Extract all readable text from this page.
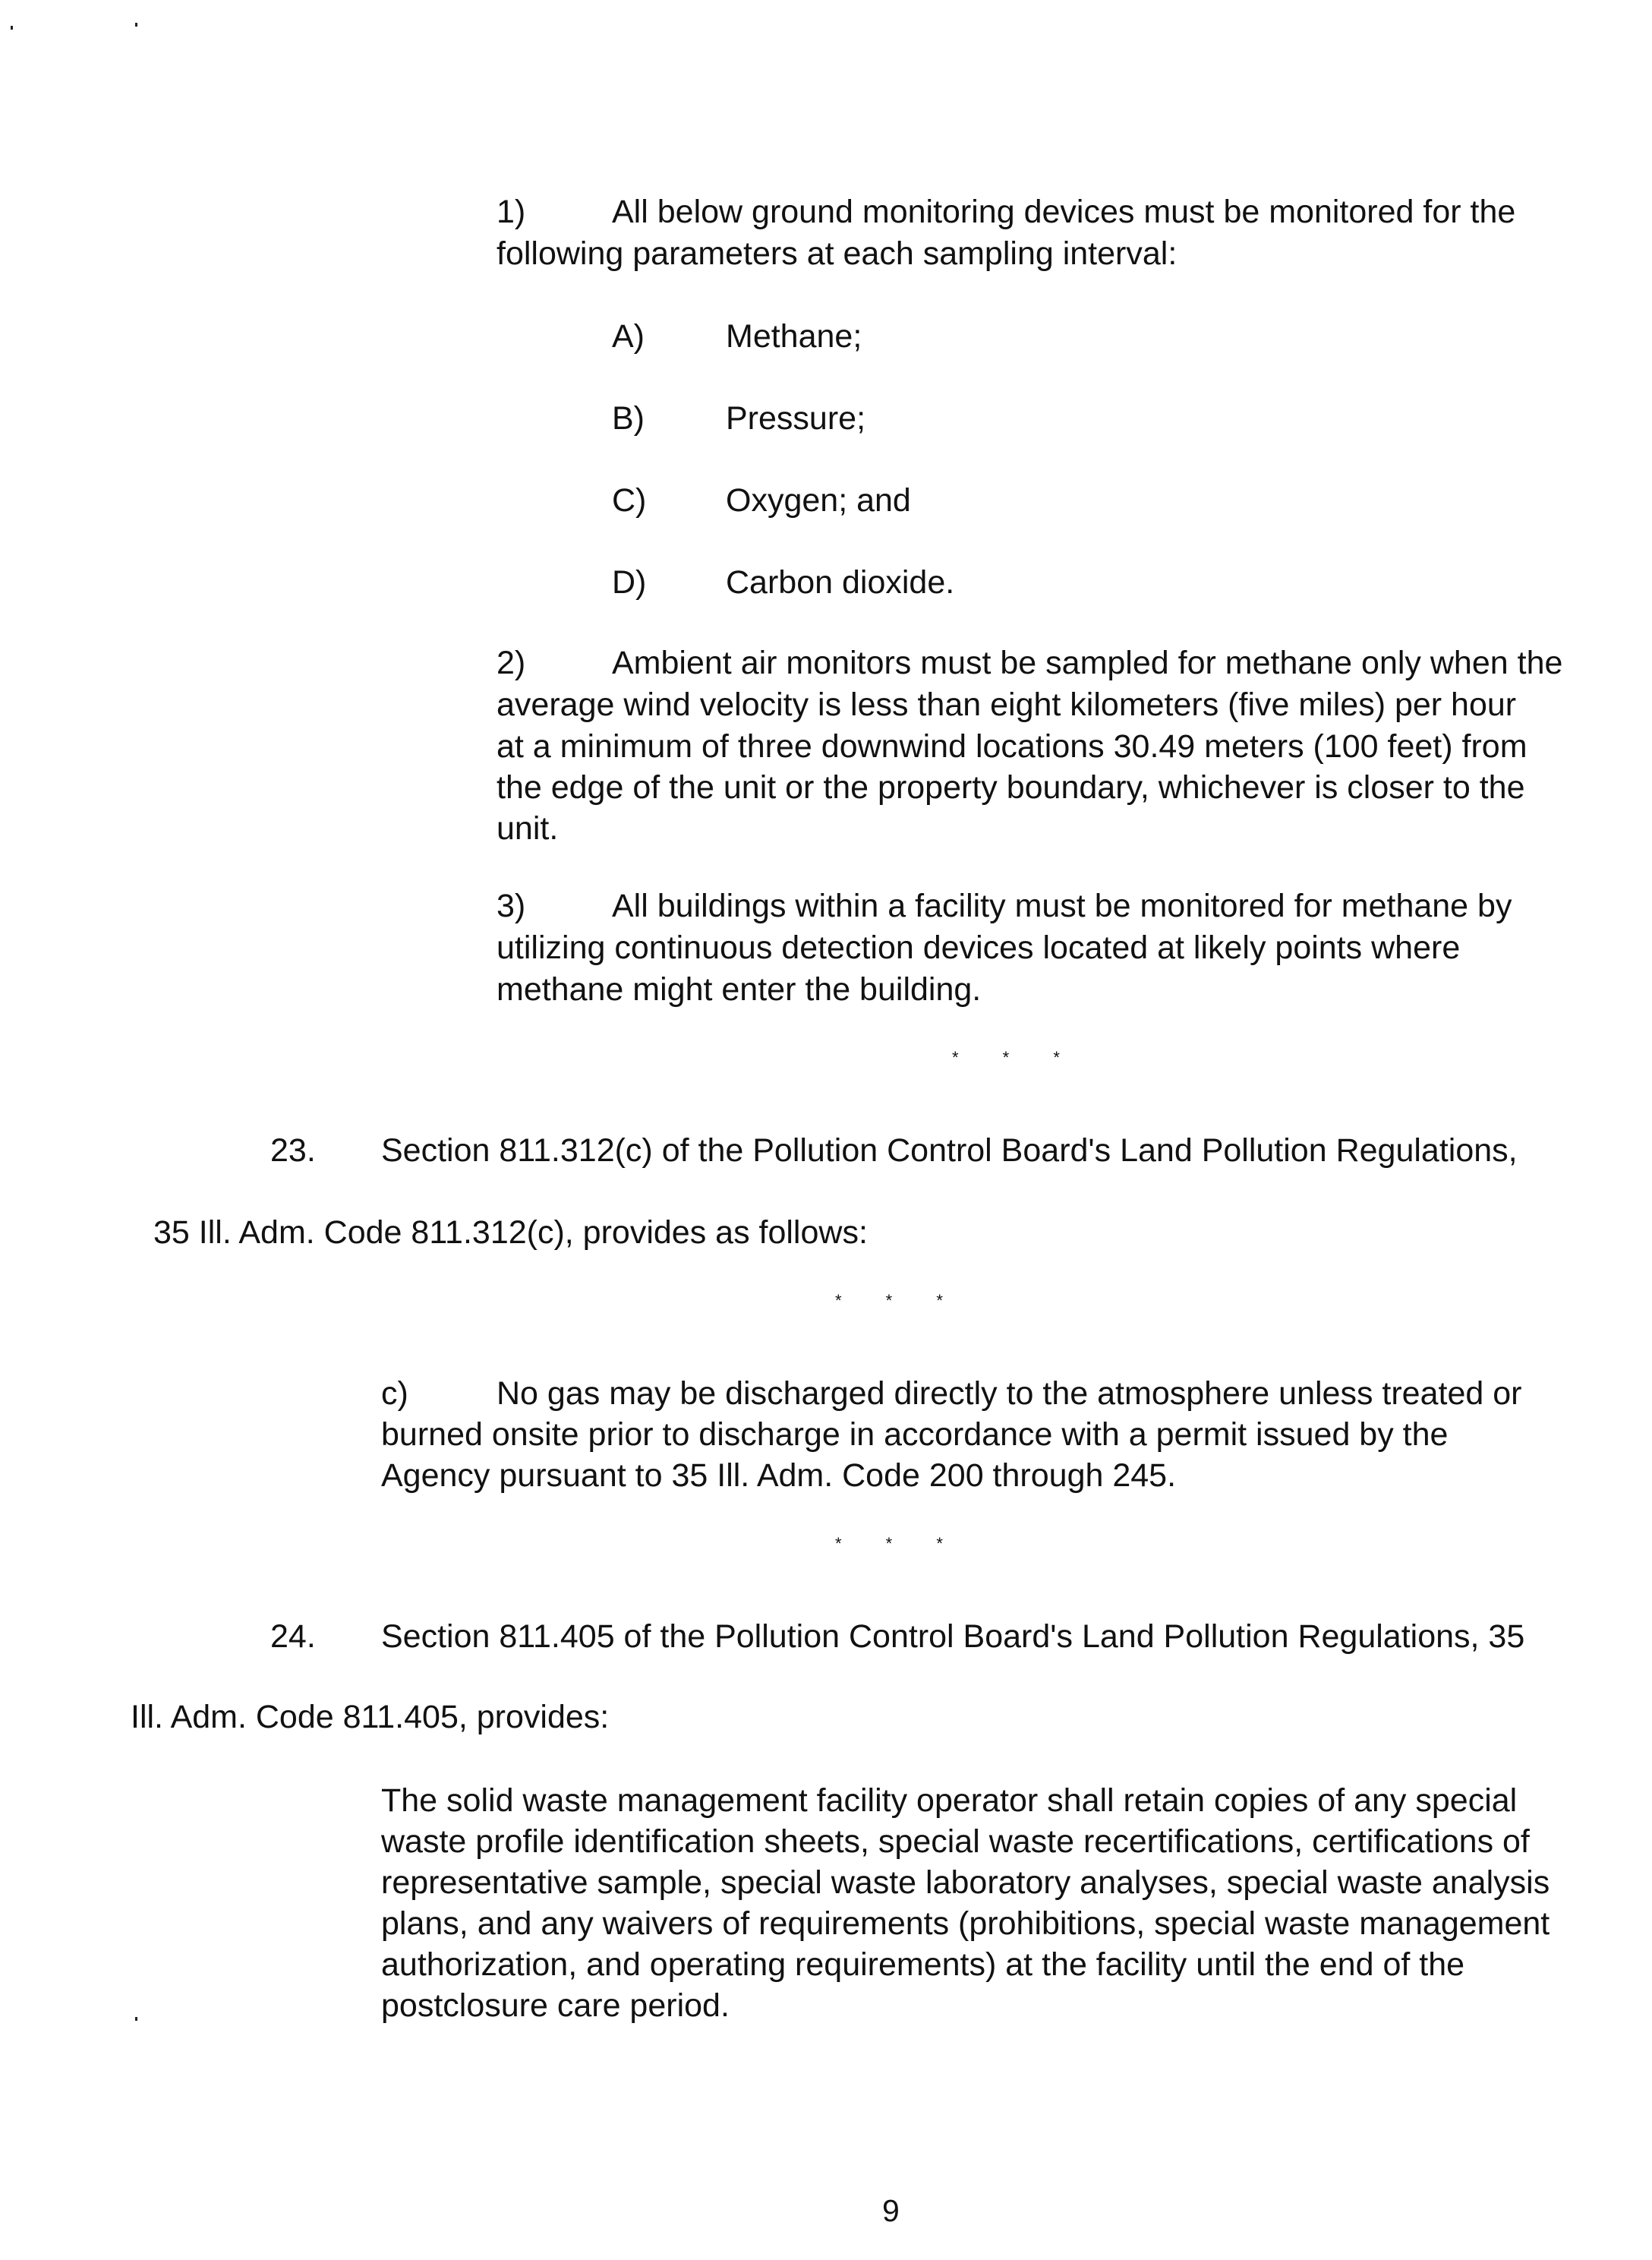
1)	All below ground monitoring devices must be monitored for the
following parameters at each sampling interval:
A) Methane;
B) Pressure;
C) Oxygen; and
D) Carbon dioxide.
2)	Ambient air monitors must be sampled for methane only when the
average wind velocity is less than eight kilometers (five miles) per hour
at a minimum of three downwind locations 30.49 meters (100 feet) from
the edge of the unit or the property boundary, whichever is closer to the
unit.
3)	All buildings within a facility must be monitored for methane by
utilizing continuous detection devices located at likely points where
methane might enter the building.
* * *
23. Section 811.312(c) of the Pollution Control Board's Land Pollution Regulations,
35 Ill. Adm. Code 811.312(c), provides as follows:
* * *
c)	No gas may be discharged directly to the atmosphere unless treated or
burned onsite prior to discharge in accordance with a permit issued by the
Agency pursuant to 35 Ill. Adm. Code 200 through 245.
* * *
24. Section 811.405 of the Pollution Control Board's Land Pollution Regulations, 35
Ill. Adm. Code 811.405, provides:
The solid waste management facility operator shall retain copies of any special
waste profile identification sheets, special waste recertifications, certifications of
representative sample, special waste laboratory analyses, special waste analysis
plans, and any waivers of requirements (prohibitions, special waste management
authorization, and operating requirements) at the facility until the end of the
postclosure care period.
9
